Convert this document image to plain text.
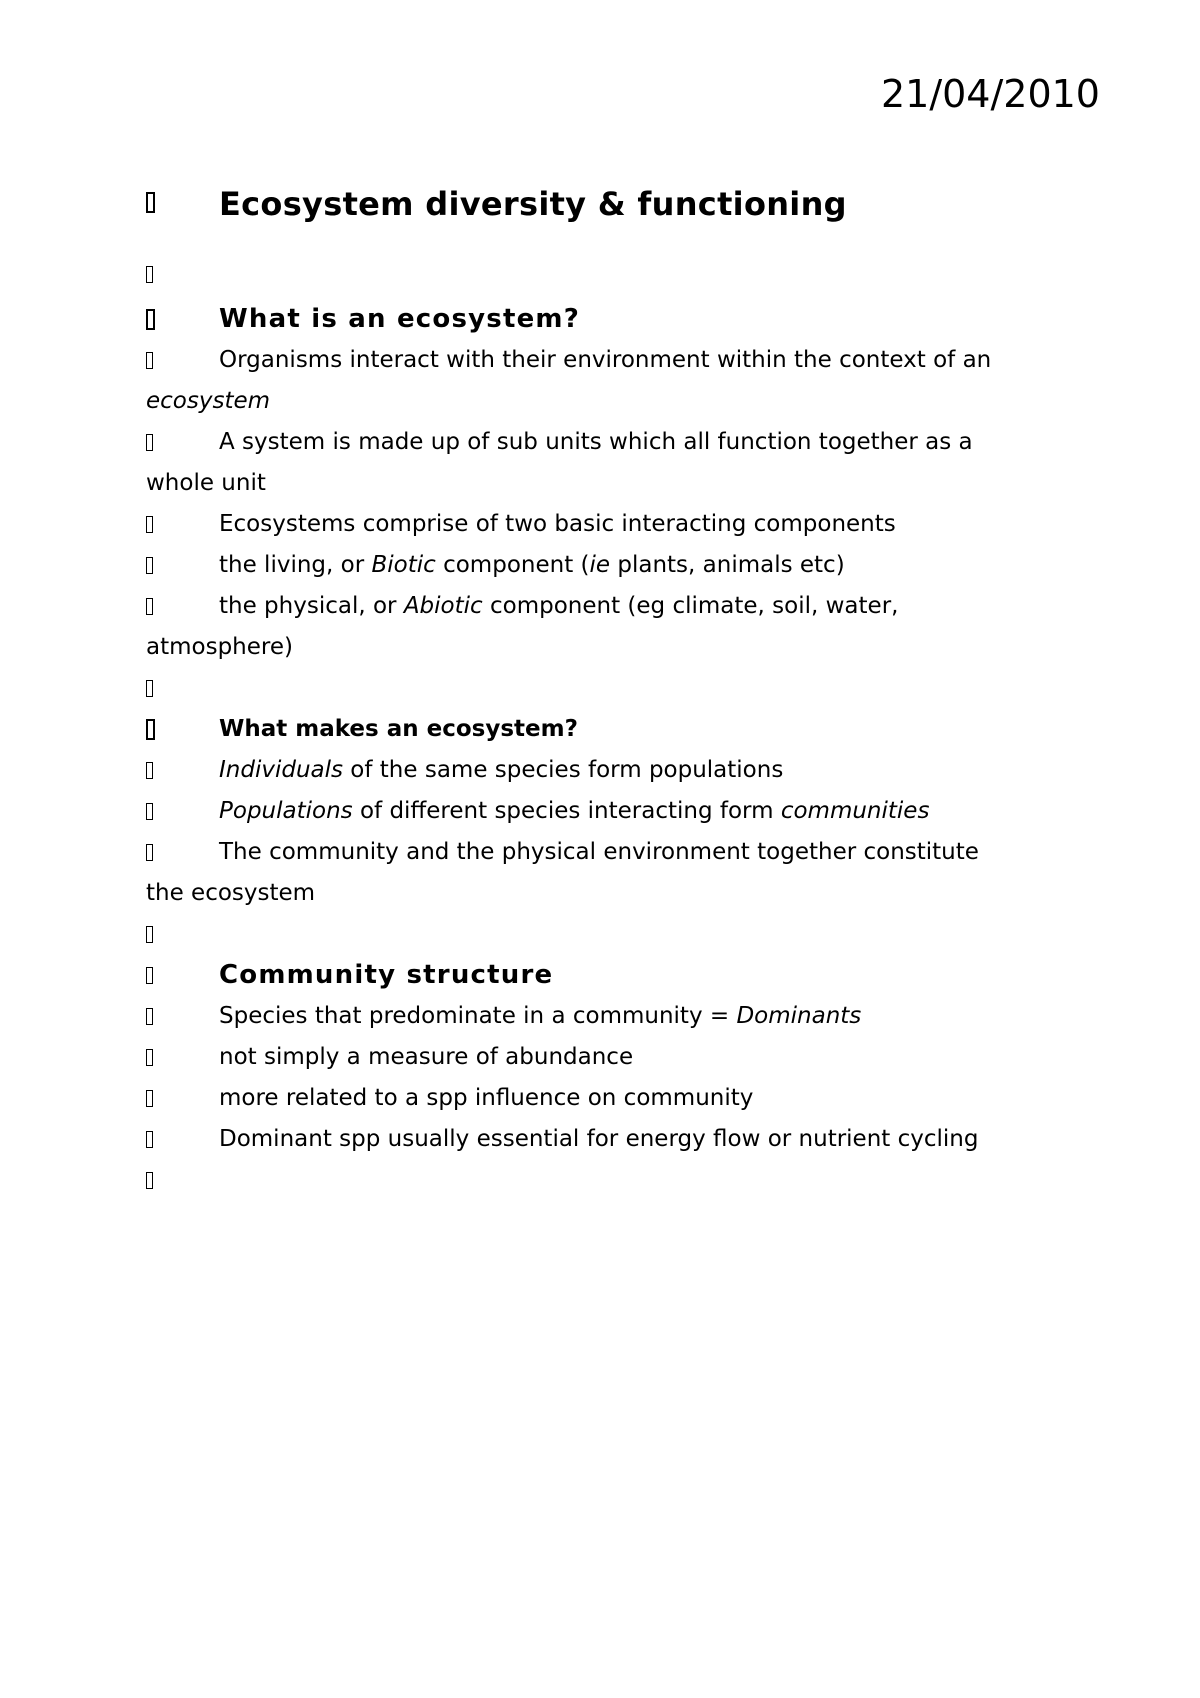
21/04/2010
Ecosystem diversity & functioning
What is an ecosystem?
Organisms interact with their environment within the context of an
ecosystem
A system is made up of sub units which all function together as a
whole unit
Ecosystems comprise of two basic interacting components
the living, or Biotic component (ie plants, animals etc)
the physical, or Abiotic component (eg climate, soil, water,
atmosphere)
What makes an ecosystem?
Individuals of the same species form populations
Populations of different species interacting form communities
The community and the physical environment together constitute
the ecosystem
Community structure
Species that predominate in a community = Dominants
not simply a measure of abundance
more related to a spp influence on community
Dominant spp usually essential for energy flow or nutrient cycling
